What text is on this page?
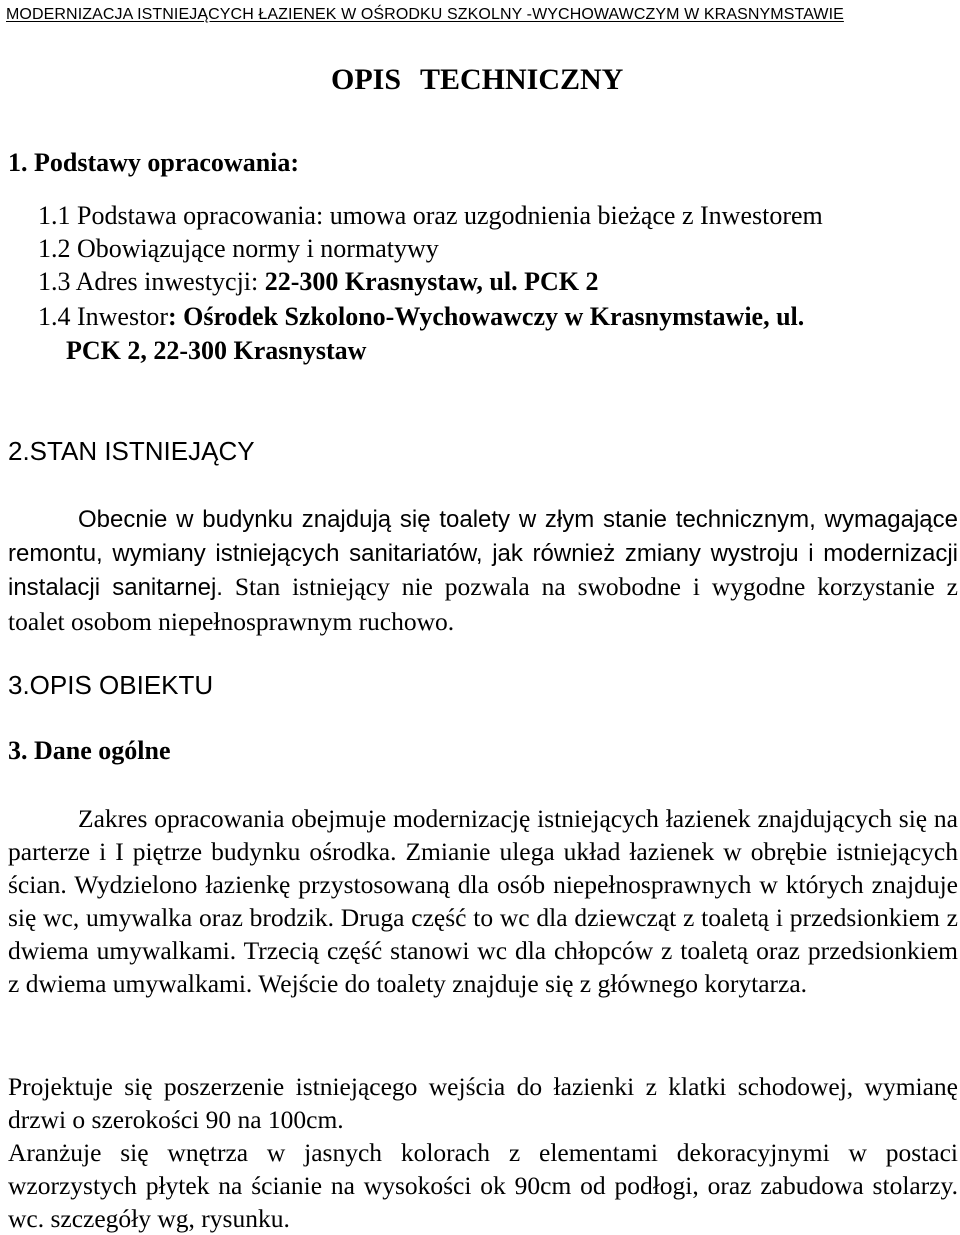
MODERNIZACJA ISTNIEJĄCYCH ŁAZIENEK W OŚRODKU SZKOLNY -WYCHOWAWCZYM W KRASNYMSTAWIE
OPIS TECHNICZNY
1. Podstawy opracowania:
1.1 Podstawa opracowania: umowa oraz uzgodnienia bieżące z Inwestorem
1.2 Obowiązujące normy i normatywy
1.3 Adres inwestycji: 22-300 Krasnystaw, ul. PCK 2
1.4 Inwestor: Ośrodek Szkolono-Wychowawczy w Krasnymstawie, ul.
PCK 2, 22-300 Krasnystaw
2.STAN ISTNIEJĄCY
Obecnie w budynku znajdują się toalety w złym stanie technicznym, wymagające remontu, wymiany istniejących sanitariatów, jak również zmiany wystroju i modernizacji instalacji sanitarnej. Stan istniejący nie pozwala na swobodne i wygodne korzystanie z toalet osobom niepełnosprawnym ruchowo.
3.OPIS OBIEKTU
3. Dane ogólne
Zakres opracowania obejmuje modernizację istniejących łazienek znajdujących się na parterze i I piętrze budynku ośrodka. Zmianie ulega układ łazienek w obrębie istniejących ścian. Wydzielono łazienkę przystosowaną dla osób niepełnosprawnych w których znajduje się wc, umywalka oraz brodzik. Druga część to wc dla dziewcząt z toaletą i przedsionkiem z dwiema umywalkami. Trzecią część stanowi wc dla chłopców z toaletą oraz przedsionkiem z dwiema umywalkami. Wejście do toalety znajduje się z głównego korytarza.
Projektuje się poszerzenie istniejącego wejścia do łazienki z klatki schodowej, wymianę drzwi o szerokości 90 na 100cm.
Aranżuje się wnętrza w jasnych kolorach z elementami dekoracyjnymi w postaci wzorzystych płytek na ścianie na wysokości ok 90cm od podłogi, oraz zabudowa stolarzy. wc. szczegóły wg, rysunku.
